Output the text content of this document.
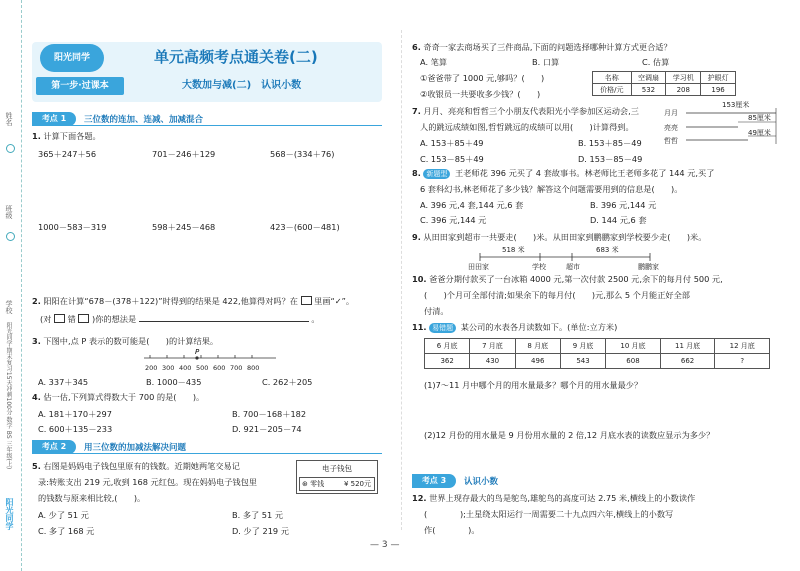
姓名
班级
学校
阳光同学·期末复习15天冲刺100分 数学 BS 三年级(上)
阳光同学
阳光同学
第一步·过课本
单元高频考点通关卷(二)
大数加与减(二)　认识小数
考点 1	三位数的连加、连减、加减混合
1. 计算下面各题。
365＋247＋56	701－246＋129	568－(334＋76)
1000－583－319	598＋245－468	423－(600－481)
2. 阳阳在计算“678－(378＋122)”时得到的结果是 422,他算得对吗？在 里画“✓”。
(对 错 )你的想法是	。
3. 下图中,点 P 表示的数可能是(　　)的计算结果。
P
200 300 400 500 600 700 800
A. 337＋345	B. 1000－435	C. 262＋205
4. 估一估,下列算式得数大于 700 的是(　　)。
A. 181＋170＋297	B. 700－168＋182
C. 600＋135－233	D. 921－205－74
考点 2	用三位数的加减法解决问题
5. 右图是妈妈电子钱包里原有的钱数。近期她两笔交易记
录:转账支出 219 元,收到 168 元红包。现在妈妈电子钱包里
的钱数与原来相比较,(　　)。
电子钱包
⊛ 零钱	¥ 520元
A. 少了 51 元	B. 多了 51 元
C. 多了 168 元	D. 少了 219 元
6. 奇奇一家去商场买了三件商品,下面的问题选择哪种计算方式更合适？
A. 笔算	B. 口算	C. 估算
①爸爸带了 1000 元,够吗？(　　)
②收银员一共要收多少钱？(　　)
名称	空调扇	学习机	护眼灯
价格/元	532	208	196
7. 月月、亮亮和哲哲三个小朋友代表阳光小学参加区运动会,三
人的跳远成绩如图,哲哲跳远的成绩可以用(　　)计算得到。
A. 153＋85＋49	B. 153＋85－49
C. 153－85＋49	D. 153－85－49
月月
亮亮
哲哲
153厘米
85厘米
49厘米
8. 新题型 王老师花 396 元买了 4 套故事书。林老师比王老师多花了 144 元,买了
6 套科幻书,林老师花了多少钱？解答这个问题需要用到的信息是(　　)。
A. 396 元,4 套,144 元,6 套	B. 396 元,144 元
C. 396 元,144 元	D. 144 元,6 套
9. 从田田家到超市一共要走(　　)米。从田田家到鹏鹏家到学校要少走(　　)米。
518 米	683 米
田田家	学校	超市	鹏鹏家
10. 爸爸分期付款买了一台冰箱 4000 元,第一次付款 2500 元,余下的每月付 500 元,
(　　)个月可全部付清;如果余下的每月付(　　)元,那么 5 个月能正好全部
付清。
11. 易错题 某公司的水表各月读数如下。(单位:立方米)
6 月底	7 月底	8 月底	9 月底	10 月底	11 月底	12 月底
362	430	496	543	608	662	?
(1)7～11 月中哪个月的用水量最多？哪个月的用水量最少？
(2)12 月份的用水量是 9 月份用水量的 2 倍,12 月底水表的读数应显示为多少？
考点 3	认识小数
12. 世界上现存最大的鸟是鸵鸟,雄鸵鸟的高度可达 2.75 米,横线上的小数读作
(　　　　);土星绕太阳运行一周需要二十九点四六年,横线上的小数写
作(　　　　)。
— 3 —
